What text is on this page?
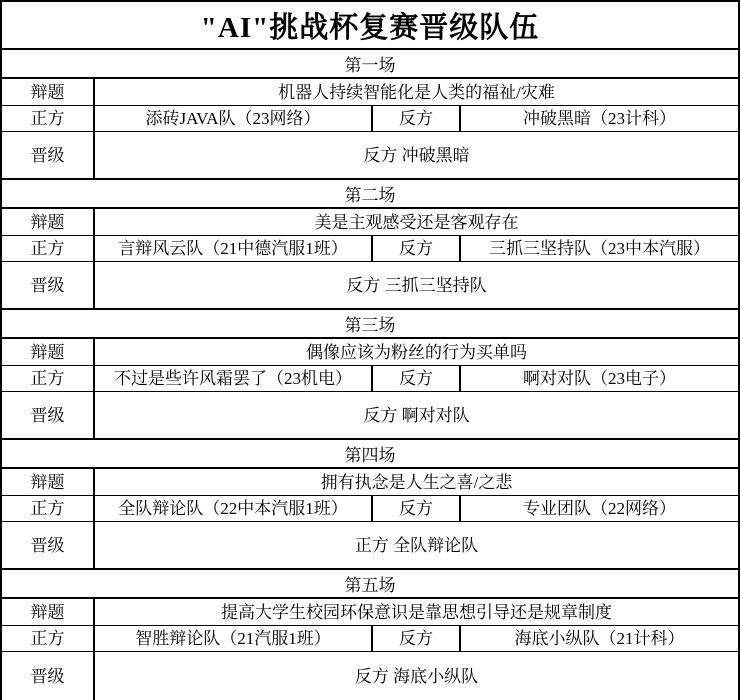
"AI"挑战杯复赛晋级队伍
第一场
辩题	机器人持续智能化是人类的福祉/灾难
正方	添砖JAVA队（23网络）	反方	冲破黑暗（23计科）
晋级	反方 冲破黑暗
第二场
辩题	美是主观感受还是客观存在
正方	言辩风云队（21中德汽服1班）	反方	三抓三坚持队（23中本汽服）
晋级	反方 三抓三坚持队
第三场
辩题	偶像应该为粉丝的行为买单吗
正方	不过是些许风霜罢了（23机电）	反方	啊对对队（23电子）
晋级	反方 啊对对队
第四场
辩题	拥有执念是人生之喜/之悲
正方	全队辩论队（22中本汽服1班）	反方	专业团队（22网络）
晋级	正方 全队辩论队
第五场
辩题	提高大学生校园环保意识是靠思想引导还是规章制度
正方	智胜辩论队（21汽服1班）	反方	海底小纵队（21计科）
晋级	反方 海底小纵队
